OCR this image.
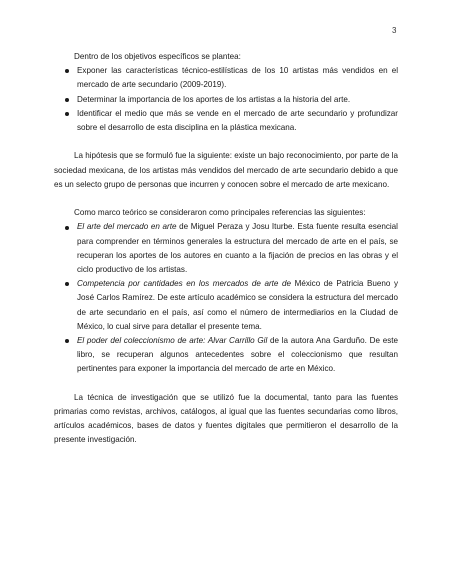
3

Dentro de los objetivos específicos se plantea:

Exponer las características técnico-estilísticas de los 10 artistas más vendidos en el mercado de arte secundario (2009-2019).
Determinar la importancia de los aportes de los artistas a la historia del arte.
Identificar el medio que más se vende en el mercado de arte secundario y profundizar sobre el desarrollo de esta disciplina en la plástica mexicana.

La hipótesis que se formuló fue la siguiente: existe un bajo reconocimiento, por parte de la sociedad mexicana, de los artistas más vendidos del mercado de arte secundario debido a que es un selecto grupo de personas que incurren y conocen sobre el mercado de arte mexicano.

Como marco teórico se consideraron como principales referencias las siguientes:

El arte del mercado en arte de Miguel Peraza y Josu Iturbe. Esta fuente resulta esencial para comprender en términos generales la estructura del mercado de arte en el país, se recuperan los aportes de los autores en cuanto a la fijación de precios en las obras y el ciclo productivo de los artistas.
Competencia por cantidades en los mercados de arte de México de Patricia Bueno y José Carlos Ramírez. De este artículo académico se considera la estructura del mercado de arte secundario en el país, así como el número de intermediarios en la Ciudad de México, lo cual sirve para detallar el presente tema.
El poder del coleccionismo de arte: Alvar Carrillo Gil de la autora Ana Garduño. De este libro, se recuperan algunos antecedentes sobre el coleccionismo que resultan pertinentes para exponer la importancia del mercado de arte en México.

La técnica de investigación que se utilizó fue la documental, tanto para las fuentes primarias como revistas, archivos, catálogos, al igual que las fuentes secundarias como libros, artículos académicos, bases de datos y fuentes digitales que permitieron el desarrollo de la presente investigación.
